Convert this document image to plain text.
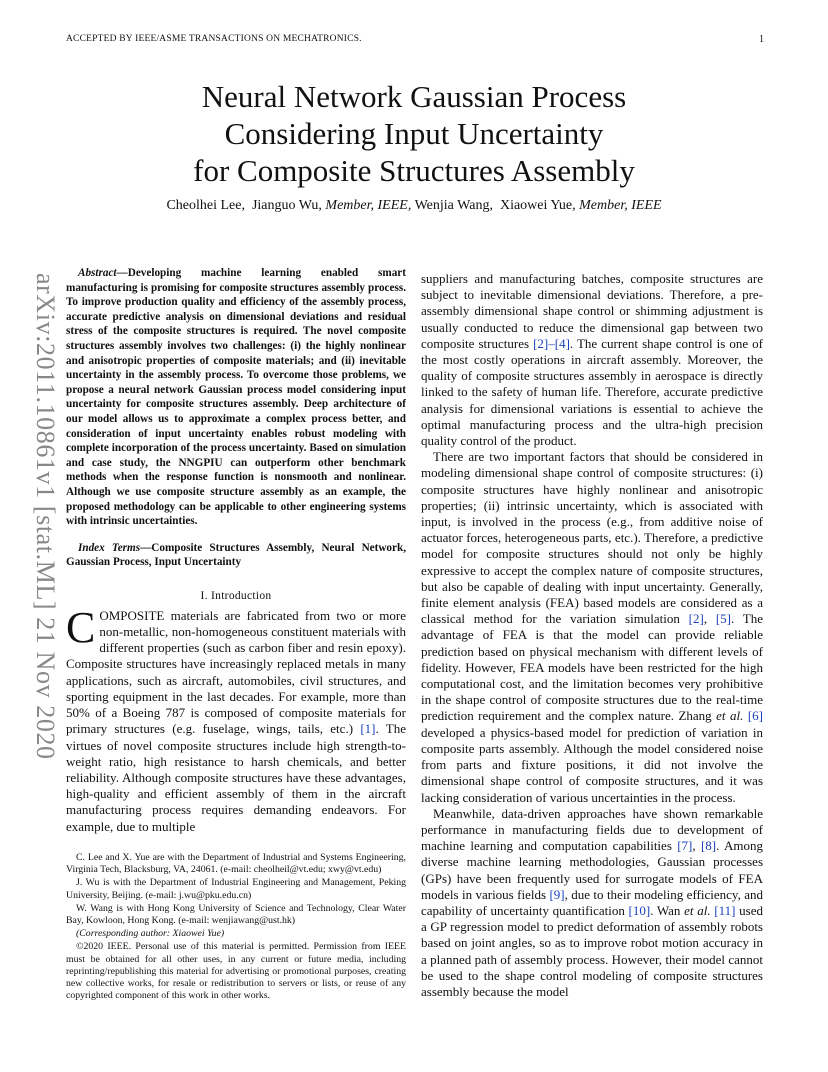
ACCEPTED BY IEEE/ASME TRANSACTIONS ON MECHATRONICS.	1
Neural Network Gaussian Process
Considering Input Uncertainty
for Composite Structures Assembly
Cheolhei Lee, Jianguo Wu, Member, IEEE, Wenjia Wang, Xiaowei Yue, Member, IEEE
arXiv:2011.10861v1 [stat.ML] 21 Nov 2020	Abstract—Developing machine learning enabled smart manufacturing is promising for composite structures assembly process. To improve production quality and efficiency of the assembly process, accurate predictive analysis on dimensional deviations and residual stress of the composite structures is required. The novel composite structures assembly involves two challenges: (i) the highly nonlinear and anisotropic properties of composite materials; and (ii) inevitable uncertainty in the assembly process. To overcome those problems, we propose a neural network Gaussian process model considering input uncertainty for composite structures assembly. Deep architecture of our model allows us to approximate a complex process better, and consideration of input uncertainty enables robust modeling with complete incorporation of the process uncertainty. Based on simulation and case study, the NNGPIU can outperform other benchmark methods when the response function is nonsmooth and nonlinear. Although we use composite structure assembly as an example, the proposed methodology can be applicable to other engineering systems with intrinsic uncertainties.

Index Terms—Composite Structures Assembly, Neural Network, Gaussian Process, Input Uncertainty

I. Introduction

COMPOSITE materials are fabricated from two or more non-metallic, non-homogeneous constituent materials with different properties (such as carbon fiber and resin epoxy). Composite structures have increasingly replaced metals in many applications, such as aircraft, automobiles, civil structures, and sporting equipment in the last decades. For example, more than 50% of a Boeing 787 is composed of composite materials for primary structures (e.g. fuselage, wings, tails, etc.) [1]. The virtues of novel composite structures include high strength-to-weight ratio, high resistance to harsh chemicals, and better reliability. Although composite structures have these advantages, high-quality and efficient assembly of them in the aircraft manufacturing process requires demanding endeavors. For example, due to multiple

C. Lee and X. Yue are with the Department of Industrial and Systems Engineering, Virginia Tech, Blacksburg, VA, 24061. (e-mail: cheolheil@vt.edu; xwy@vt.edu)

J. Wu is with the Department of Industrial Engineering and Management, Peking University, Beijing. (e-mail: j.wu@pku.edu.cn)

W. Wang is with Hong Kong University of Science and Technology, Clear Water Bay, Kowloon, Hong Kong. (e-mail: wenjiawang@ust.hk)

(Corresponding author: Xiaowei Yue)

©2020 IEEE. Personal use of this material is permitted. Permission from IEEE must be obtained for all other uses, in any current or future media, including reprinting/republishing this material for advertising or promotional purposes, creating new collective works, for resale or redistribution to servers or lists, or reuse of any copyrighted component of this work in other works.

suppliers and manufacturing batches, composite structures are subject to inevitable dimensional deviations. Therefore, a pre-assembly dimensional shape control or shimming adjustment is usually conducted to reduce the dimensional gap between two composite structures [2]–[4]. The current shape control is one of the most costly operations in aircraft assembly. Moreover, the quality of composite structures assembly in aerospace is directly linked to the safety of human life. Therefore, accurate predictive analysis for dimensional variations is essential to achieve the optimal manufacturing process and the ultra-high precision quality control of the product.

There are two important factors that should be considered in modeling dimensional shape control of composite structures: (i) composite structures have highly nonlinear and anisotropic properties; (ii) intrinsic uncertainty, which is associated with input, is involved in the process (e.g., from additive noise of actuator forces, heterogeneous parts, etc.). Therefore, a predictive model for composite structures should not only be highly expressive to accept the complex nature of composite structures, but also be capable of dealing with input uncertainty. Generally, finite element analysis (FEA) based models are considered as a classical method for the variation simulation [2], [5]. The advantage of FEA is that the model can provide reliable prediction based on physical mechanism with different levels of fidelity. However, FEA models have been restricted for the high computational cost, and the limitation becomes very prohibitive in the shape control of composite structures due to the real-time prediction requirement and the complex nature. Zhang et al. [6] developed a physics-based model for prediction of variation in composite parts assembly. Although the model considered noise from parts and fixture positions, it did not involve the dimensional shape control of composite structures, and it was lacking consideration of various uncertainties in the process.

Meanwhile, data-driven approaches have shown remarkable performance in manufacturing fields due to development of machine learning and computation capabilities [7], [8]. Among diverse machine learning methodologies, Gaussian processes (GPs) have been frequently used for surrogate models of FEA models in various fields [9], due to their modeling efficiency, and capability of uncertainty quantification [10]. Wan et al. [11] used a GP regression model to predict deformation of assembly robots based on joint angles, so as to improve robot motion accuracy in a planned path of assembly process. However, their model cannot be used to the shape control modeling of composite structures assembly because the model
